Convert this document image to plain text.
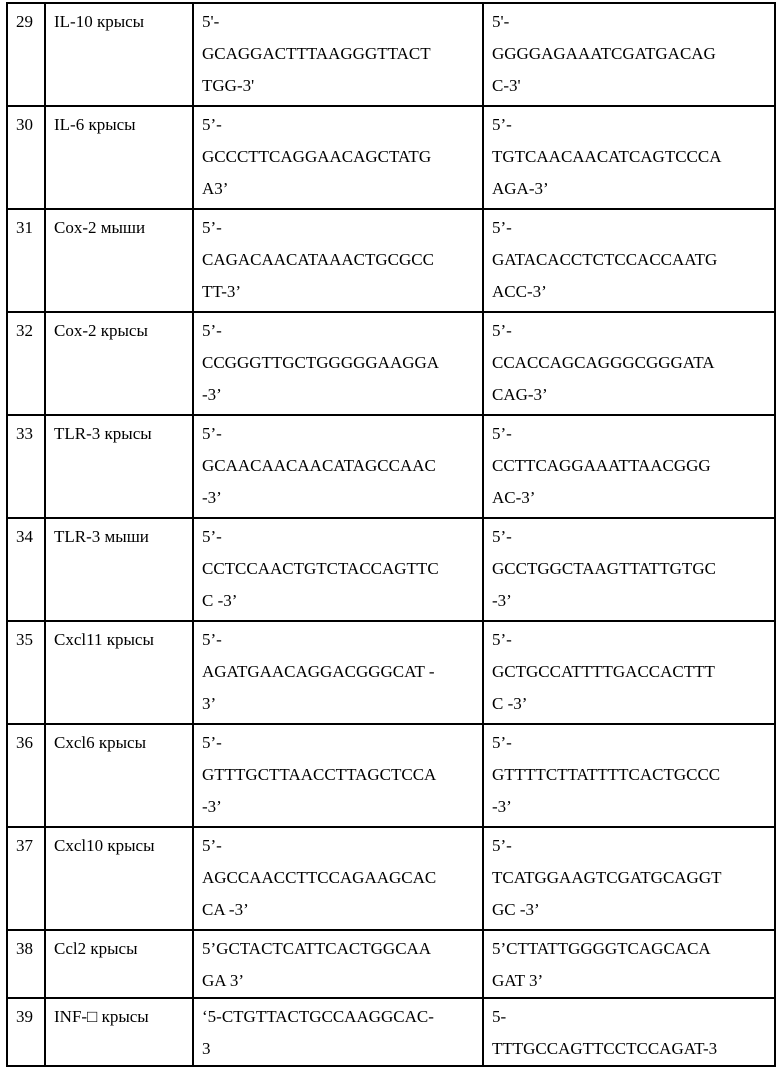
29	IL-10 крысы	5'-
GCAGGACTTTAAGGGTTACT
TGG-3'

5'-
GGGGAGAAATCGATGACAG
C-3'

30	IL-6 крысы	5’-
GCCCTTCAGGAACAGCTATG
A3’

5’-
TGTCAACAACATCAGTCCCA
AGA-3’

31	Cox-2 мыши	5’-
CAGACAACATAAACTGCGCC
TT-3’

5’-
GATACACCTCTCCACCAATG
ACC-3’

32	Cox-2 крысы	5’-
CCGGGTTGCTGGGGGAAGGA
-3’

5’-
CCACCAGCAGGGCGGGATA
CAG-3’

33	TLR-3 крысы	5’-
GCAACAACAACATAGCCAAC
-3’

5’-
CCTTCAGGAAATTAACGGG
AC-3’

34	TLR-3 мыши	5’-
CCTCCAACTGTCTACCAGTTC
C -3’

5’-
GCCTGGCTAAGTTATTGTGC
-3’

35	Cxcl11 крысы	5’-
AGATGAACAGGACGGGCAT -
3’

5’-
GCTGCCATTTTGACCACTTT
C -3’

36	Cxcl6 крысы	5’-
GTTTGCTTAACCTTAGCTCCA
-3’

5’-
GTTTTCTTATTTTCACTGCCC
-3’

37	Cxcl10 крысы	5’-
AGCCAACCTTCCAGAAGCAC
CA -3’

5’-
TCATGGAAGTCGATGCAGGT
GC -3’

38	Ccl2 крысы	5’GCTACTCATTCACTGGCAA
GA 3’

5’CTTATTGGGGTCAGCACA
GAT 3’

39	INF-□ крысы	‘5-CTGTTACTGCCAAGGCAC-
3

5-
TTTGCCAGTTCCTCCAGAT-3
